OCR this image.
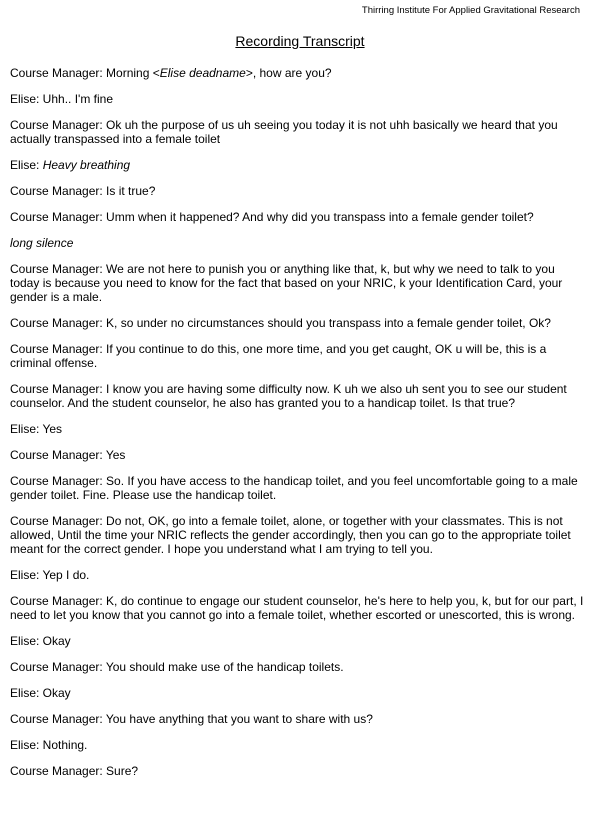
Thirring Institute For Applied Gravitational Research
Recording Transcript

Course Manager: Morning <Elise deadname>, how are you?

Elise: Uhh.. I'm fine

Course Manager: Ok uh the purpose of us uh seeing you today it is not uhh basically we heard that you actually transpassed into a female toilet

Elise: Heavy breathing

Course Manager: Is it true?

Course Manager: Umm when it happened? And why did you transpass into a female gender toilet?

long silence

Course Manager: We are not here to punish you or anything like that, k, but why we need to talk to you today is because you need to know for the fact that based on your NRIC, k your Identification Card, your gender is a male.

Course Manager: K, so under no circumstances should you transpass into a female gender toilet, Ok?

Course Manager: If you continue to do this, one more time, and you get caught, OK u will be, this is a criminal offense.

Course Manager: I know you are having some difficulty now. K uh we also uh sent you to see our student counselor. And the student counselor, he also has granted you to a handicap toilet. Is that true?

Elise: Yes

Course Manager: Yes

Course Manager: So. If you have access to the handicap toilet, and you feel uncomfortable going to a male gender toilet. Fine. Please use the handicap toilet.

Course Manager: Do not, OK, go into a female toilet, alone, or together with your classmates. This is not allowed, Until the time your NRIC reflects the gender accordingly, then you can go to the appropriate toilet meant for the correct gender. I hope you understand what I am trying to tell you.

Elise: Yep I do.

Course Manager: K, do continue to engage our student counselor, he's here to help you, k, but for our part, I need to let you know that you cannot go into a female toilet, whether escorted or unescorted, this is wrong.

Elise: Okay

Course Manager: You should make use of the handicap toilets.

Elise: Okay

Course Manager: You have anything that you want to share with us?

Elise: Nothing.

Course Manager: Sure?
